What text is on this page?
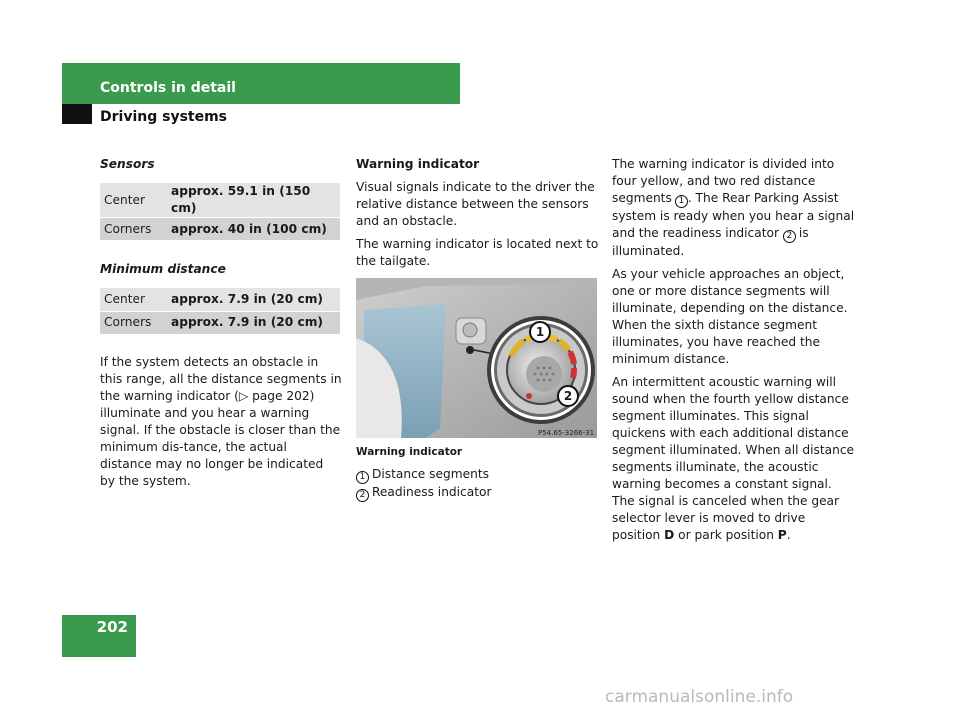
Controls in detail
Driving systems
Sensors
Center	approx. 59.1 in (150 cm)
Corners	approx. 40 in (100 cm)
Minimum distance
Center	approx. 7.9 in (20 cm)
Corners	approx. 7.9 in (20 cm)

If the system detects an obstacle in this range, all the distance segments in the warning indicator (▷ page 202) illuminate and you hear a warning signal. If the obstacle is closer than the minimum dis-tance, the actual distance may no longer be indicated by the system.

Warning indicator

Visual signals indicate to the driver the relative distance between the sensors and an obstacle.

The warning indicator is located next to the tailgate.

1
2
P54.65-3266-31
Warning indicator
1 Distance segments
2 Readiness indicator

The warning indicator is divided into four yellow, and two red distance segments 1 . The Rear Parking Assist system is ready when you hear a signal and the readiness indicator 2 is illuminated.

As your vehicle approaches an object, one or more distance segments will illuminate, depending on the distance. When the sixth distance segment illuminates, you have reached the minimum distance.

An intermittent acoustic warning will sound when the fourth yellow distance segment illuminates. This signal quickens with each additional distance segment illuminated. When all distance segments illuminate, the acoustic warning becomes a constant signal. The signal is canceled when the gear selector lever is moved to drive position D or park position P.

202
carmanualsonline.info
